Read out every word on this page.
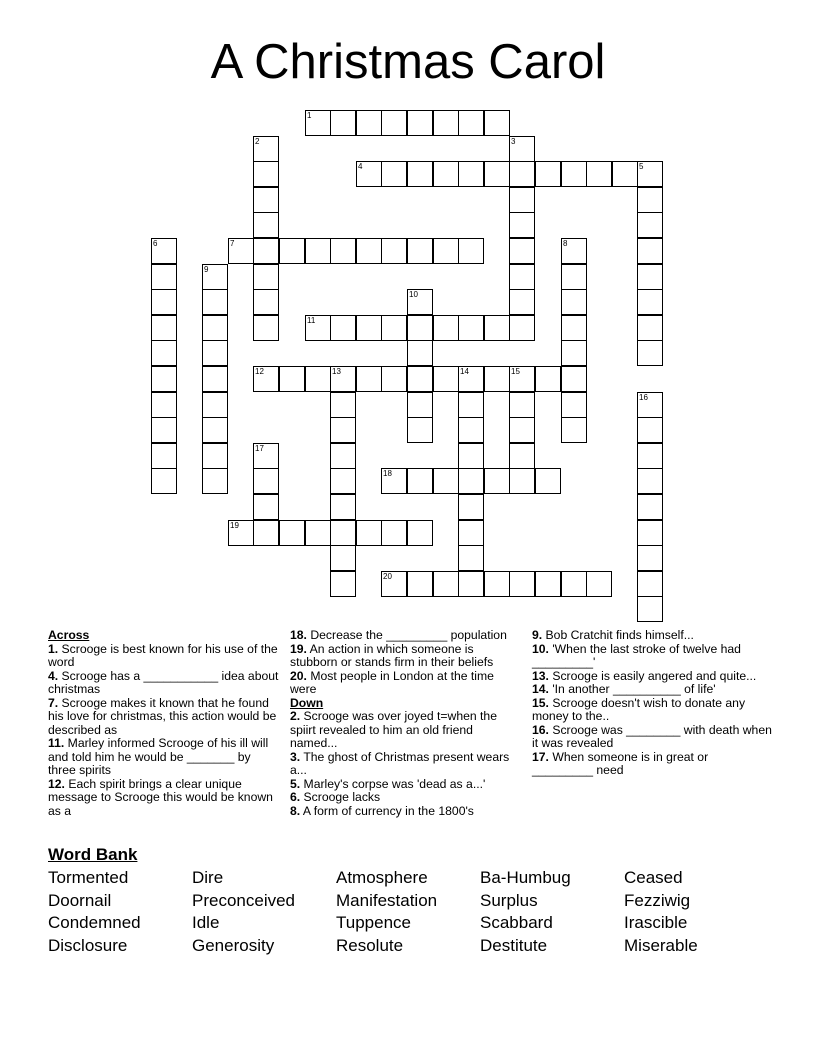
A Christmas Carol
1
2	3
4	5
6	7	8
9
10
11
12	13	14	15
16
17
18
19
20
Across
1. Scrooge is best known for his use of the word
4. Scrooge has a ___________ idea about christmas
7. Scrooge makes it known that he found his love for christmas, this action would be described as
11. Marley informed Scrooge of his ill will and told him he would be _______ by three spirits
12. Each spirit brings a clear unique message to Scrooge this would be known as a
18. Decrease the _________ population
19. An action in which someone is stubborn or stands firm in their beliefs
20. Most people in London at the time were
Down
2. Scrooge was over joyed t=when the spiirt revealed to him an old friend named...
3. The ghost of Christmas present wears a...
5. Marley's corpse was 'dead as a...'
6. Scrooge lacks
8. A form of currency in the 1800's
9. Bob Cratchit finds himself...
10. 'When the last stroke of twelve had _________'
13. Scrooge is easily angered and quite...
14. 'In another __________ of life'
15. Scrooge doesn't wish to donate any money to the..
16. Scrooge was ________ with death when it was revealed
17. When someone is in great or _________ need
Word Bank
Tormented	Dire	Atmosphere	Ba-Humbug	Ceased
Doornail	Preconceived	Manifestation	Surplus	Fezziwig
Condemned	Idle	Tuppence	Scabbard	Irascible
Disclosure	Generosity	Resolute	Destitute	Miserable
